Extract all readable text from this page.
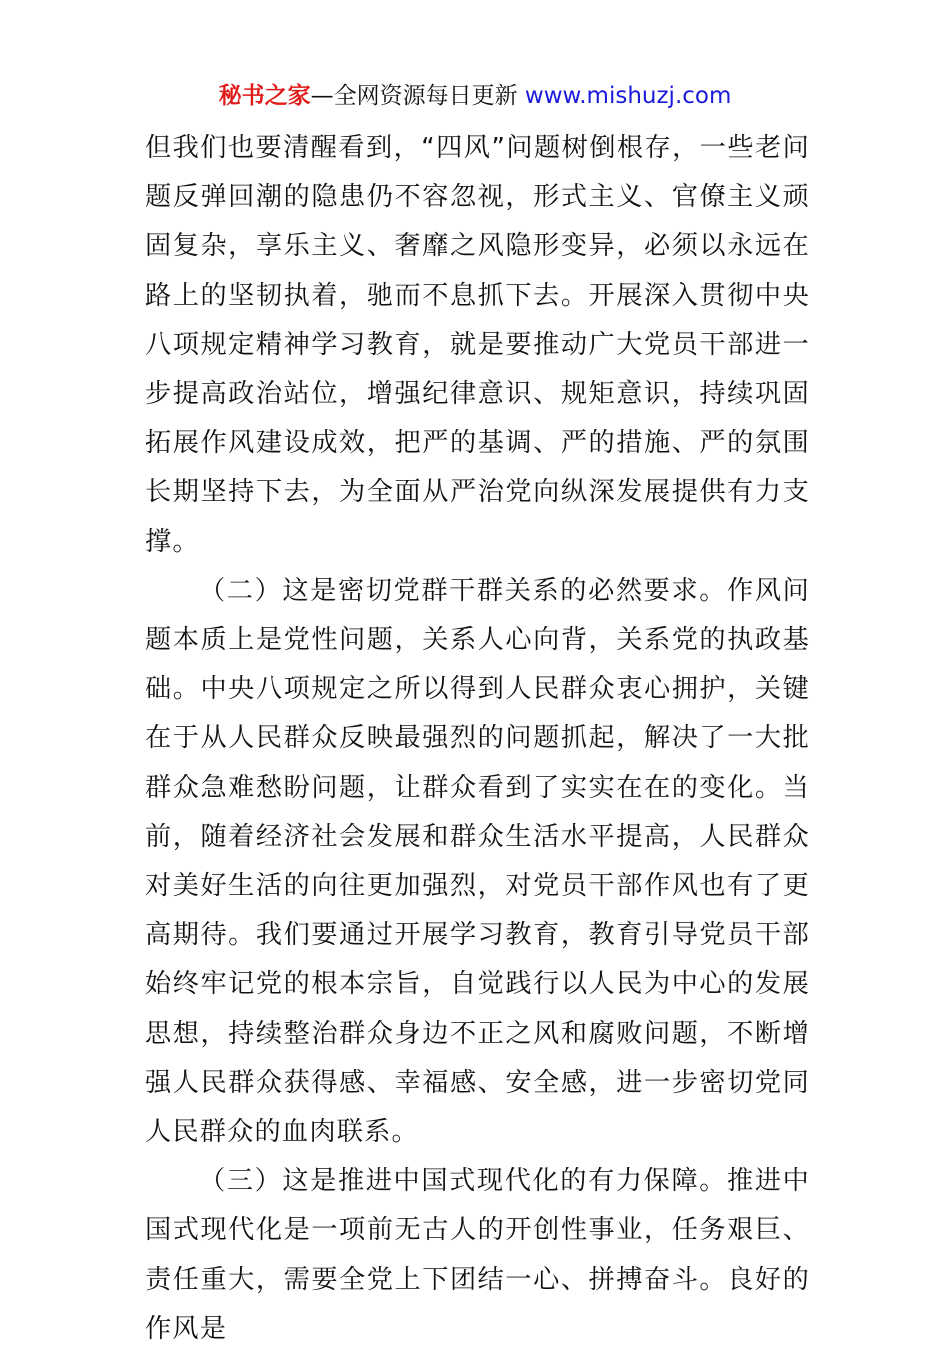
秘书之家—全网资源每日更新 www.mishuzj.com

但我们也要清醒看到，“四风”问题树倒根存，一些老问题反弹回潮的隐患仍不容忽视，形式主义、官僚主义顽固复杂，享乐主义、奢靡之风隐形变异，必须以永远在路上的坚韧执着，驰而不息抓下去。开展深入贯彻中央八项规定精神学习教育，就是要推动广大党员干部进一步提高政治站位，增强纪律意识、规矩意识，持续巩固拓展作风建设成效，把严的基调、严的措施、严的氛围长期坚持下去，为全面从严治党向纵深发展提供有力支撑。

（二）这是密切党群干群关系的必然要求。作风问题本质上是党性问题，关系人心向背，关系党的执政基础。中央八项规定之所以得到人民群众衷心拥护，关键在于从人民群众反映最强烈的问题抓起，解决了一大批群众急难愁盼问题，让群众看到了实实在在的变化。当前，随着经济社会发展和群众生活水平提高，人民群众对美好生活的向往更加强烈，对党员干部作风也有了更高期待。我们要通过开展学习教育，教育引导党员干部始终牢记党的根本宗旨，自觉践行以人民为中心的发展思想，持续整治群众身边不正之风和腐败问题，不断增强人民群众获得感、幸福感、安全感，进一步密切党同人民群众的血肉联系。

（三）这是推进中国式现代化的有力保障。推进中国式现代化是一项前无古人的开创性事业，任务艰巨、责任重大，需要全党上下团结一心、拼搏奋斗。良好的作风是
